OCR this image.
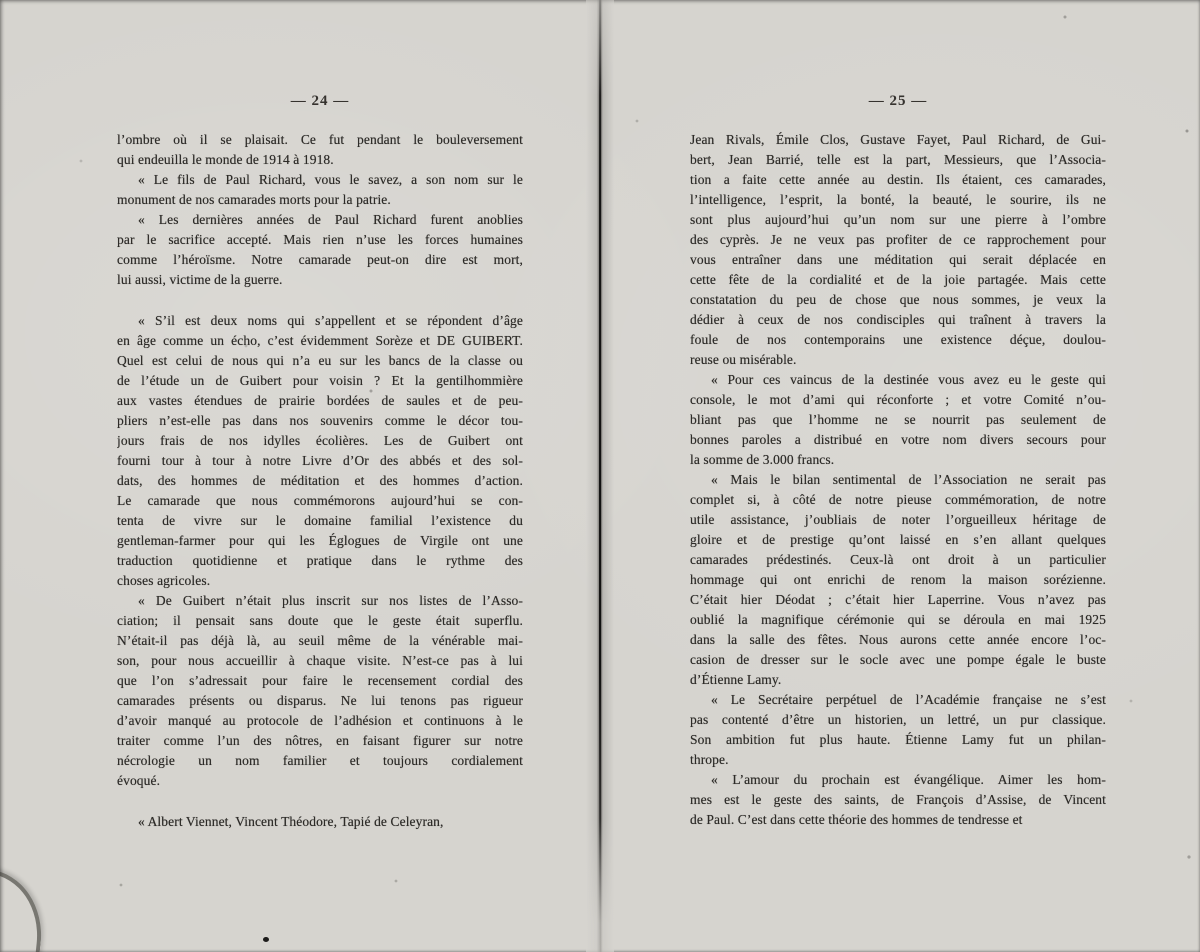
— 24 —
l’ombre où il se plaisait. Ce fut pendant le bouleversement
qui endeuilla le monde de 1914 à 1918.
« Le fils de Paul Richard, vous le savez, a son nom sur le
monument de nos camarades morts pour la patrie.
« Les dernières années de Paul Richard furent anoblies
par le sacrifice accepté. Mais rien n’use les forces humaines
comme l’héroïsme. Notre camarade peut-on dire est mort,
lui aussi, victime de la guerre.
« S’il est deux noms qui s’appellent et se répondent d’âge
en âge comme un écho, c’est évidemment Sorèze et DE GUIBERT.
Quel est celui de nous qui n’a eu sur les bancs de la classe ou
de l’étude un de Guibert pour voisin ? Et la gentilhommière
aux vastes étendues de prairie bordées de saules et de peu-
pliers n’est-elle pas dans nos souvenirs comme le décor tou-
jours frais de nos idylles écolières. Les de Guibert ont
fourni tour à tour à notre Livre d’Or des abbés et des sol-
dats, des hommes de méditation et des hommes d’action.
Le camarade que nous commémorons aujourd’hui se con-
tenta de vivre sur le domaine familial l’existence du
gentleman-farmer pour qui les Églogues de Virgile ont une
traduction quotidienne et pratique dans le rythme des
choses agricoles.
« De Guibert n’était plus inscrit sur nos listes de l’Asso-
ciation; il pensait sans doute que le geste était superflu.
N’était-il pas déjà là, au seuil même de la vénérable mai-
son, pour nous accueillir à chaque visite. N’est-ce pas à lui
que l’on s’adressait pour faire le recensement cordial des
camarades présents ou disparus. Ne lui tenons pas rigueur
d’avoir manqué au protocole de l’adhésion et continuons à le
traiter comme l’un des nôtres, en faisant figurer sur notre
nécrologie un nom familier et toujours cordialement
évoqué.
« Albert Viennet, Vincent Théodore, Tapié de Celeyran,
— 25 —
Jean Rivals, Émile Clos, Gustave Fayet, Paul Richard, de Gui-
bert, Jean Barrié, telle est la part, Messieurs, que l’Associa-
tion a faite cette année au destin. Ils étaient, ces camarades,
l’intelligence, l’esprit, la bonté, la beauté, le sourire, ils ne
sont plus aujourd’hui qu’un nom sur une pierre à l’ombre
des cyprès. Je ne veux pas profiter de ce rapprochement pour
vous entraîner dans une méditation qui serait déplacée en
cette fête de la cordialité et de la joie partagée. Mais cette
constatation du peu de chose que nous sommes, je veux la
dédier à ceux de nos condisciples qui traînent à travers la
foule de nos contemporains une existence déçue, doulou-
reuse ou misérable.
« Pour ces vaincus de la destinée vous avez eu le geste qui
console, le mot d’ami qui réconforte ; et votre Comité n’ou-
bliant pas que l’homme ne se nourrit pas seulement de
bonnes paroles a distribué en votre nom divers secours pour
la somme de 3.000 francs.
« Mais le bilan sentimental de l’Association ne serait pas
complet si, à côté de notre pieuse commémoration, de notre
utile assistance, j’oubliais de noter l’orgueilleux héritage de
gloire et de prestige qu’ont laissé en s’en allant quelques
camarades prédestinés. Ceux-là ont droit à un particulier
hommage qui ont enrichi de renom la maison sorézienne.
C’était hier Déodat ; c’était hier Laperrine. Vous n’avez pas
oublié la magnifique cérémonie qui se déroula en mai 1925
dans la salle des fêtes. Nous aurons cette année encore l’oc-
casion de dresser sur le socle avec une pompe égale le buste
d’Étienne Lamy.
« Le Secrétaire perpétuel de l’Académie française ne s’est
pas contenté d’être un historien, un lettré, un pur classique.
Son ambition fut plus haute. Étienne Lamy fut un philan-
thrope.
« L’amour du prochain est évangélique. Aimer les hom-
mes est le geste des saints, de François d’Assise, de Vincent
de Paul. C’est dans cette théorie des hommes de tendresse et
